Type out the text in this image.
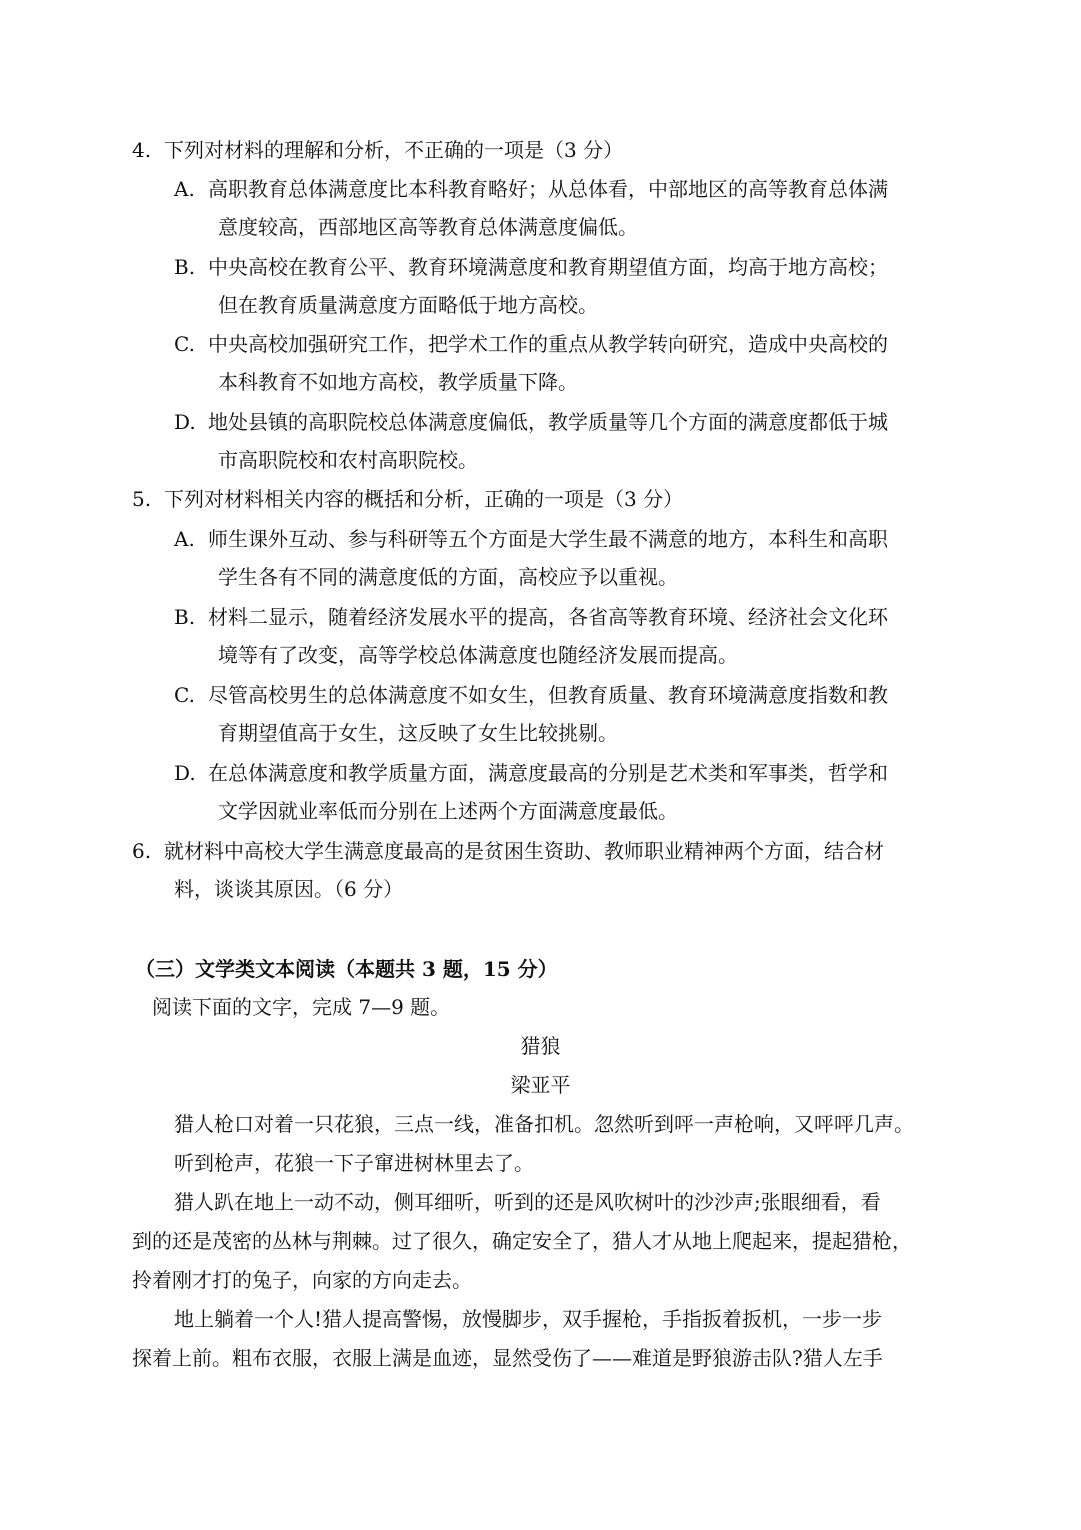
4. 下列对材料的理解和分析，不正确的一项是（3 分）
A. 高职教育总体满意度比本科教育略好；从总体看，中部地区的高等教育总体满
意度较高，西部地区高等教育总体满意度偏低。
B. 中央高校在教育公平、教育环境满意度和教育期望值方面，均高于地方高校；
但在教育质量满意度方面略低于地方高校。
C. 中央高校加强研究工作，把学术工作的重点从教学转向研究，造成中央高校的
本科教育不如地方高校，教学质量下降。
D. 地处县镇的高职院校总体满意度偏低，教学质量等几个方面的满意度都低于城
市高职院校和农村高职院校。
5. 下列对材料相关内容的概括和分析，正确的一项是（3 分）
A. 师生课外互动、参与科研等五个方面是大学生最不满意的地方，本科生和高职
学生各有不同的满意度低的方面，高校应予以重视。
B. 材料二显示，随着经济发展水平的提高，各省高等教育环境、经济社会文化环
境等有了改变，高等学校总体满意度也随经济发展而提高。
C. 尽管高校男生的总体满意度不如女生，但教育质量、教育环境满意度指数和教
育期望值高于女生，这反映了女生比较挑剔。
D. 在总体满意度和教学质量方面，满意度最高的分别是艺术类和军事类，哲学和
文学因就业率低而分别在上述两个方面满意度最低。
6. 就材料中高校大学生满意度最高的是贫困生资助、教师职业精神两个方面，结合材
料，谈谈其原因。（6 分）
（三）文学类文本阅读（本题共 3 题，15 分）
阅读下面的文字，完成 7—9 题。
猎狼
梁亚平
猎人枪口对着一只花狼，三点一线，准备扣机。忽然听到呯一声枪响，又呯呯几声。
听到枪声，花狼一下子窜进树林里去了。
猎人趴在地上一动不动，侧耳细听，听到的还是风吹树叶的沙沙声;张眼细看，看
到的还是茂密的丛林与荆棘。过了很久，确定安全了，猎人才从地上爬起来，提起猎枪，
拎着刚才打的兔子，向家的方向走去。
地上躺着一个人!猎人提高警惕，放慢脚步，双手握枪，手指扳着扳机，一步一步
探着上前。粗布衣服，衣服上满是血迹，显然受伤了——难道是野狼游击队?猎人左手
